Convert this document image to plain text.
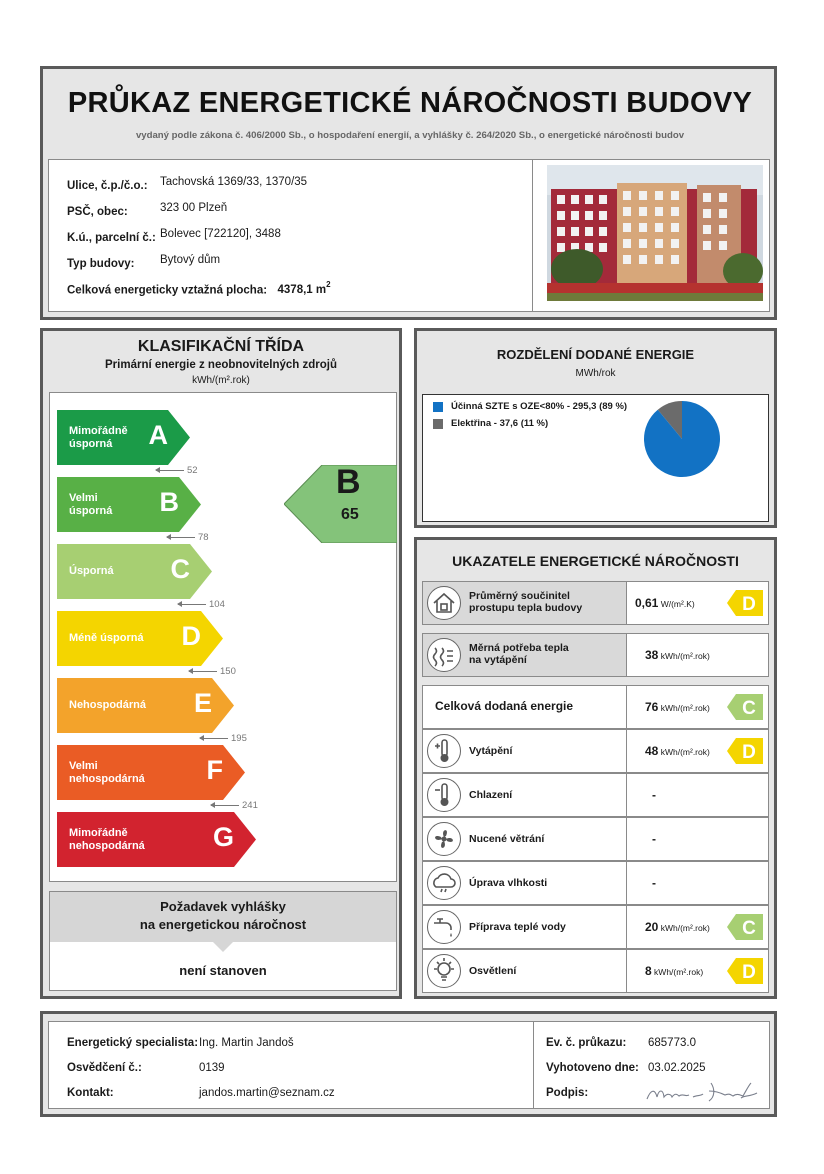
PRŮKAZ ENERGETICKÉ NÁROČNOSTI BUDOVY
vydaný podle zákona č. 406/2000 Sb., o hospodaření energií, a vyhlášky č. 264/2020 Sb., o energetické náročnosti budov
Ulice, č.p./č.o.: Tachovská 1369/33, 1370/35
PSČ, obec:	323 00 Plzeň
K.ú., parcelní č.: Bolevec [722120], 3488
Typ budovy: Bytový dům
Celková energeticky vztažná plocha: 4378,1 $m^2$
KLASIFIKAČNÍ TŘÍDA
Primární energie z neobnovitelných zdrojů
kWh/(m².rok)
Mimořádně
úsporná	A
Velmi
úsporná	B
Úsporná	C
Méně úsporná	D
Nehospodárná	E
Velmi
nehospodárná	F
Mimořádně
nehospodárná	G
52
78
104
150
195
241
B
65
Požadavek vyhlášky
na energetickou náročnost
není stanoven
ROZDĚLENÍ DODANÉ ENERGIE
MWh/rok
Účinná SZTE s OZE<80% - 295,3 (89 %)
Elektřina - 37,6 (11 %)
UKAZATELE ENERGETICKÉ NÁROČNOSTI
Průměrný součinitel
prostupu tepla budovy	0,61 W/(m².K) D
Měrná potřeba tepla
na vytápění	38 kWh/(m².rok)
Celková dodaná energie	76 kWh/(m².rok) C
Vytápění	48 kWh/(m².rok) D
Chlazení	-
Nucené větrání	-
Úprava vlhkosti	-
Příprava teplé vody	20 kWh/(m².rok) C
Osvětlení	8 kWh/(m².rok) D
Energetický specialista: Ing. Martin Jandoš
Osvědčení č.:	0139
Kontakt:	jandos.martin@seznam.cz
Ev. č. průkazu: 685773.0
Vyhotoveno dne: 03.02.2025
Podpis:
